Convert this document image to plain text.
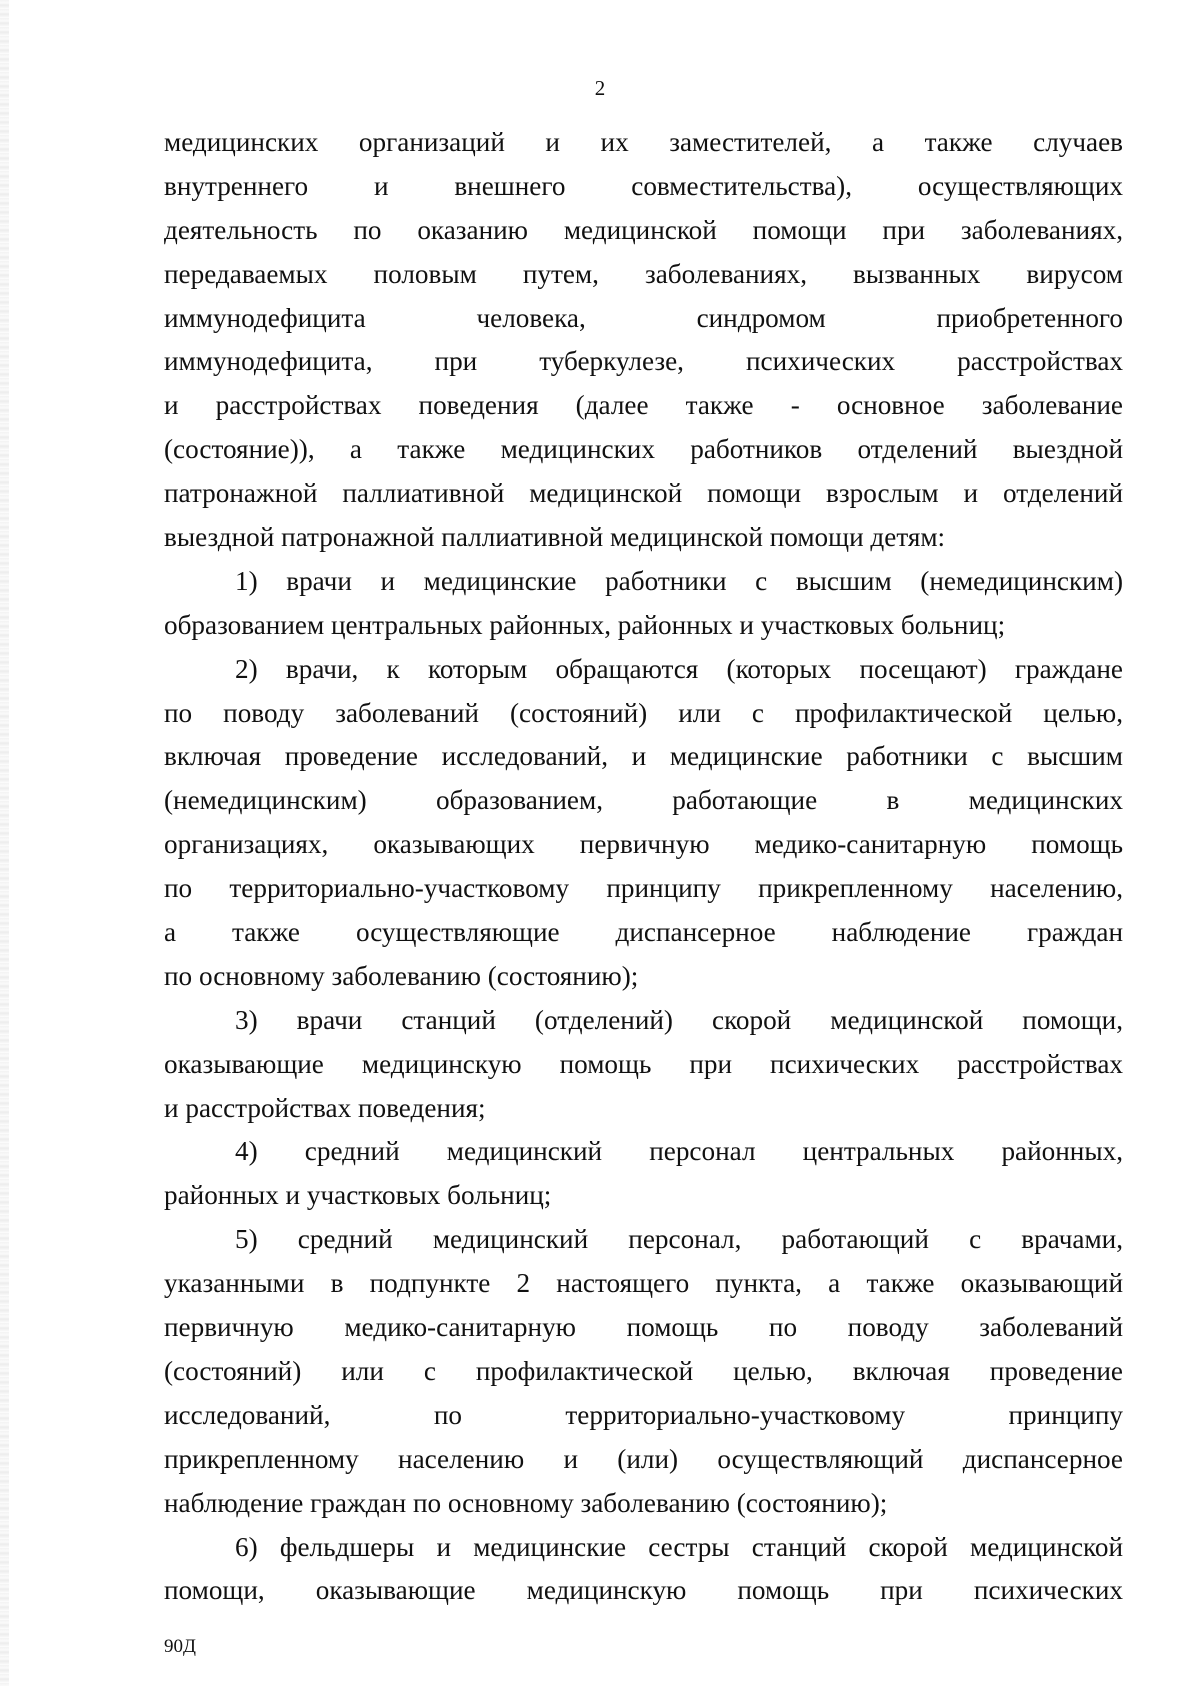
2
медицинских организаций и их заместителей, а также случаев
внутреннего и внешнего совместительства), осуществляющих
деятельность по оказанию медицинской помощи при заболеваниях,
передаваемых половым путем, заболеваниях, вызванных вирусом
иммунодефицита человека, синдромом приобретенного
иммунодефицита, при туберкулезе, психических расстройствах
и расстройствах поведения (далее также - основное заболевание
(состояние)), а также медицинских работников отделений выездной
патронажной паллиативной медицинской помощи взрослым и отделений
выездной патронажной паллиативной медицинской помощи детям:
1) врачи и медицинские работники с высшим (немедицинским)
образованием центральных районных, районных и участковых больниц;
2) врачи, к которым обращаются (которых посещают) граждане
по поводу заболеваний (состояний) или с профилактической целью,
включая проведение исследований, и медицинские работники с высшим
(немедицинским) образованием, работающие в медицинских
организациях, оказывающих первичную медико-санитарную помощь
по территориально-участковому принципу прикрепленному населению,
а также осуществляющие диспансерное наблюдение граждан
по основному заболеванию (состоянию);
3) врачи станций (отделений) скорой медицинской помощи,
оказывающие медицинскую помощь при психических расстройствах
и расстройствах поведения;
4) средний медицинский персонал центральных районных,
районных и участковых больниц;
5) средний медицинский персонал, работающий с врачами,
указанными в подпункте 2 настоящего пункта, а также оказывающий
первичную медико-санитарную помощь по поводу заболеваний
(состояний) или с профилактической целью, включая проведение
исследований, по территориально-участковому принципу
прикрепленному населению и (или) осуществляющий диспансерное
наблюдение граждан по основному заболеванию (состоянию);
6) фельдшеры и медицинские сестры станций скорой медицинской
помощи, оказывающие медицинскую помощь при психических
90Д
